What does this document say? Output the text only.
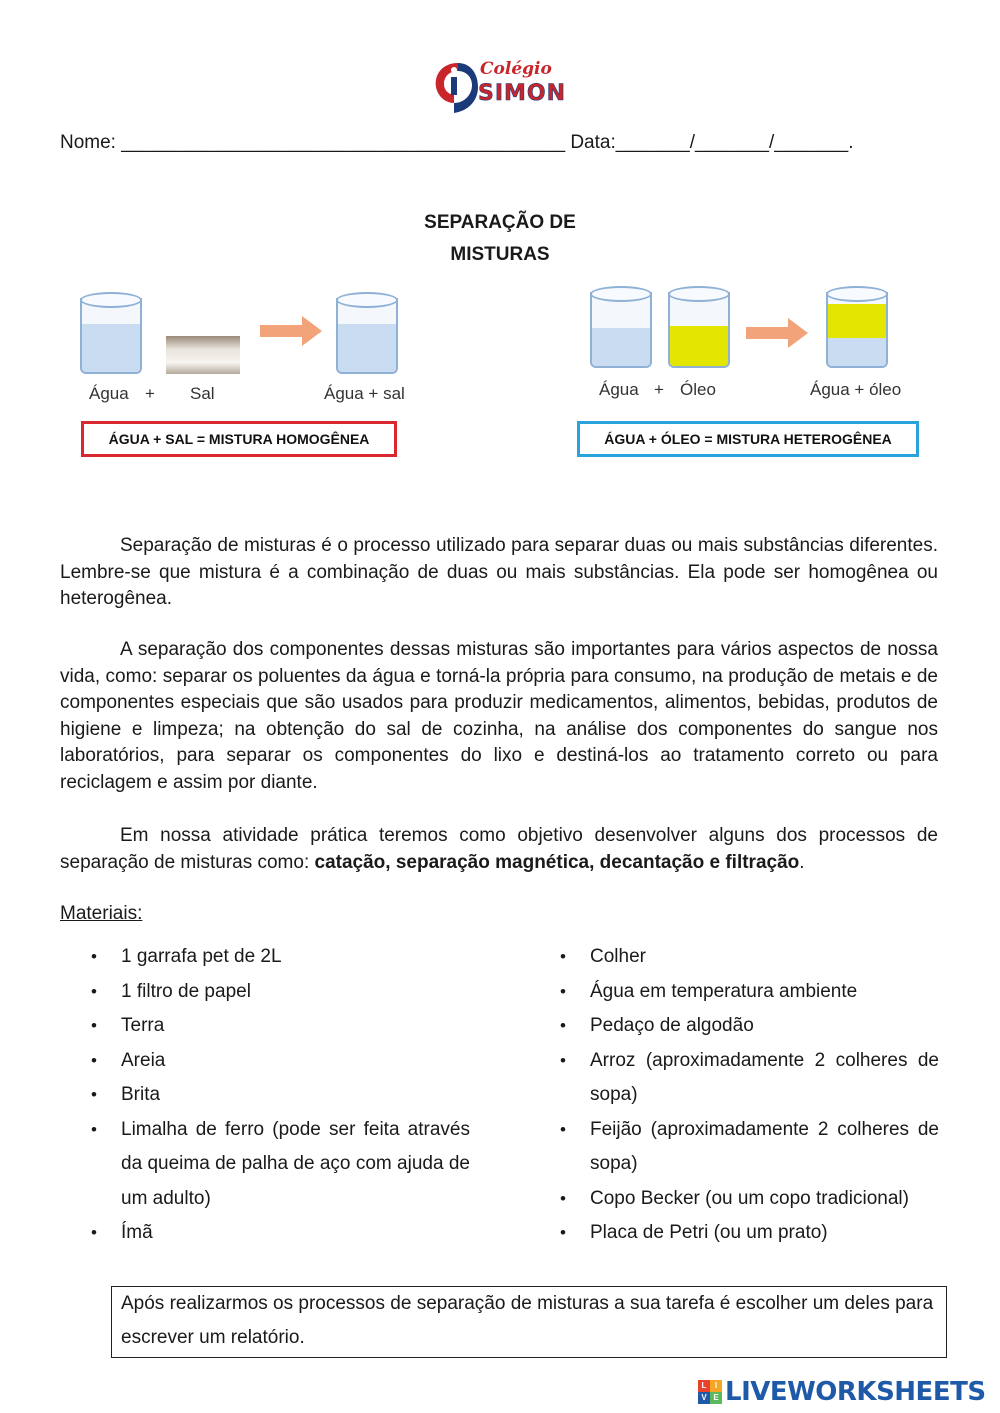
Colégio
SIMON
Nome: __________________________________________ Data:_______/_______/_______.
SEPARAÇÃO DE
MISTURAS
Água + Sal	Água + sal
ÁGUA + SAL = MISTURA HOMOGÊNEA
Água + Óleo	Água + óleo
ÁGUA + ÓLEO = MISTURA HETEROGÊNEA
Separação de misturas é o processo utilizado para separar duas ou mais substâncias diferentes. Lembre-se que mistura é a combinação de duas ou mais substâncias. Ela pode ser homogênea ou heterogênea.
A separação dos componentes dessas misturas são importantes para vários aspectos de nossa vida, como: separar os poluentes da água e torná-la própria para consumo, na produção de metais e de componentes especiais que são usados para produzir medicamentos, alimentos, bebidas, produtos de higiene e limpeza; na obtenção do sal de cozinha, na análise dos componentes do sangue nos laboratórios, para separar os componentes do lixo e destiná-los ao tratamento correto ou para reciclagem e assim por diante.
Em nossa atividade prática teremos como objetivo desenvolver alguns dos processos de separação de misturas como: catação, separação magnética, decantação e filtração.
Materiais:
• 1 garrafa pet de 2L
• 1 filtro de papel
• Terra
• Areia
• Brita
• Limalha de ferro (pode ser feita através da queima de palha de aço com ajuda de um adulto)
• Ímã
• Colher
• Água em temperatura ambiente
• Pedaço de algodão
• Arroz (aproximadamente 2 colheres de sopa)
• Feijão (aproximadamente 2 colheres de sopa)
• Copo Becker (ou um copo tradicional)
• Placa de Petri (ou um prato)
Após realizarmos os processos de separação de misturas a sua tarefa é escolher um deles para escrever um relatório.
L	I
V E LIVEWORKSHEETS
